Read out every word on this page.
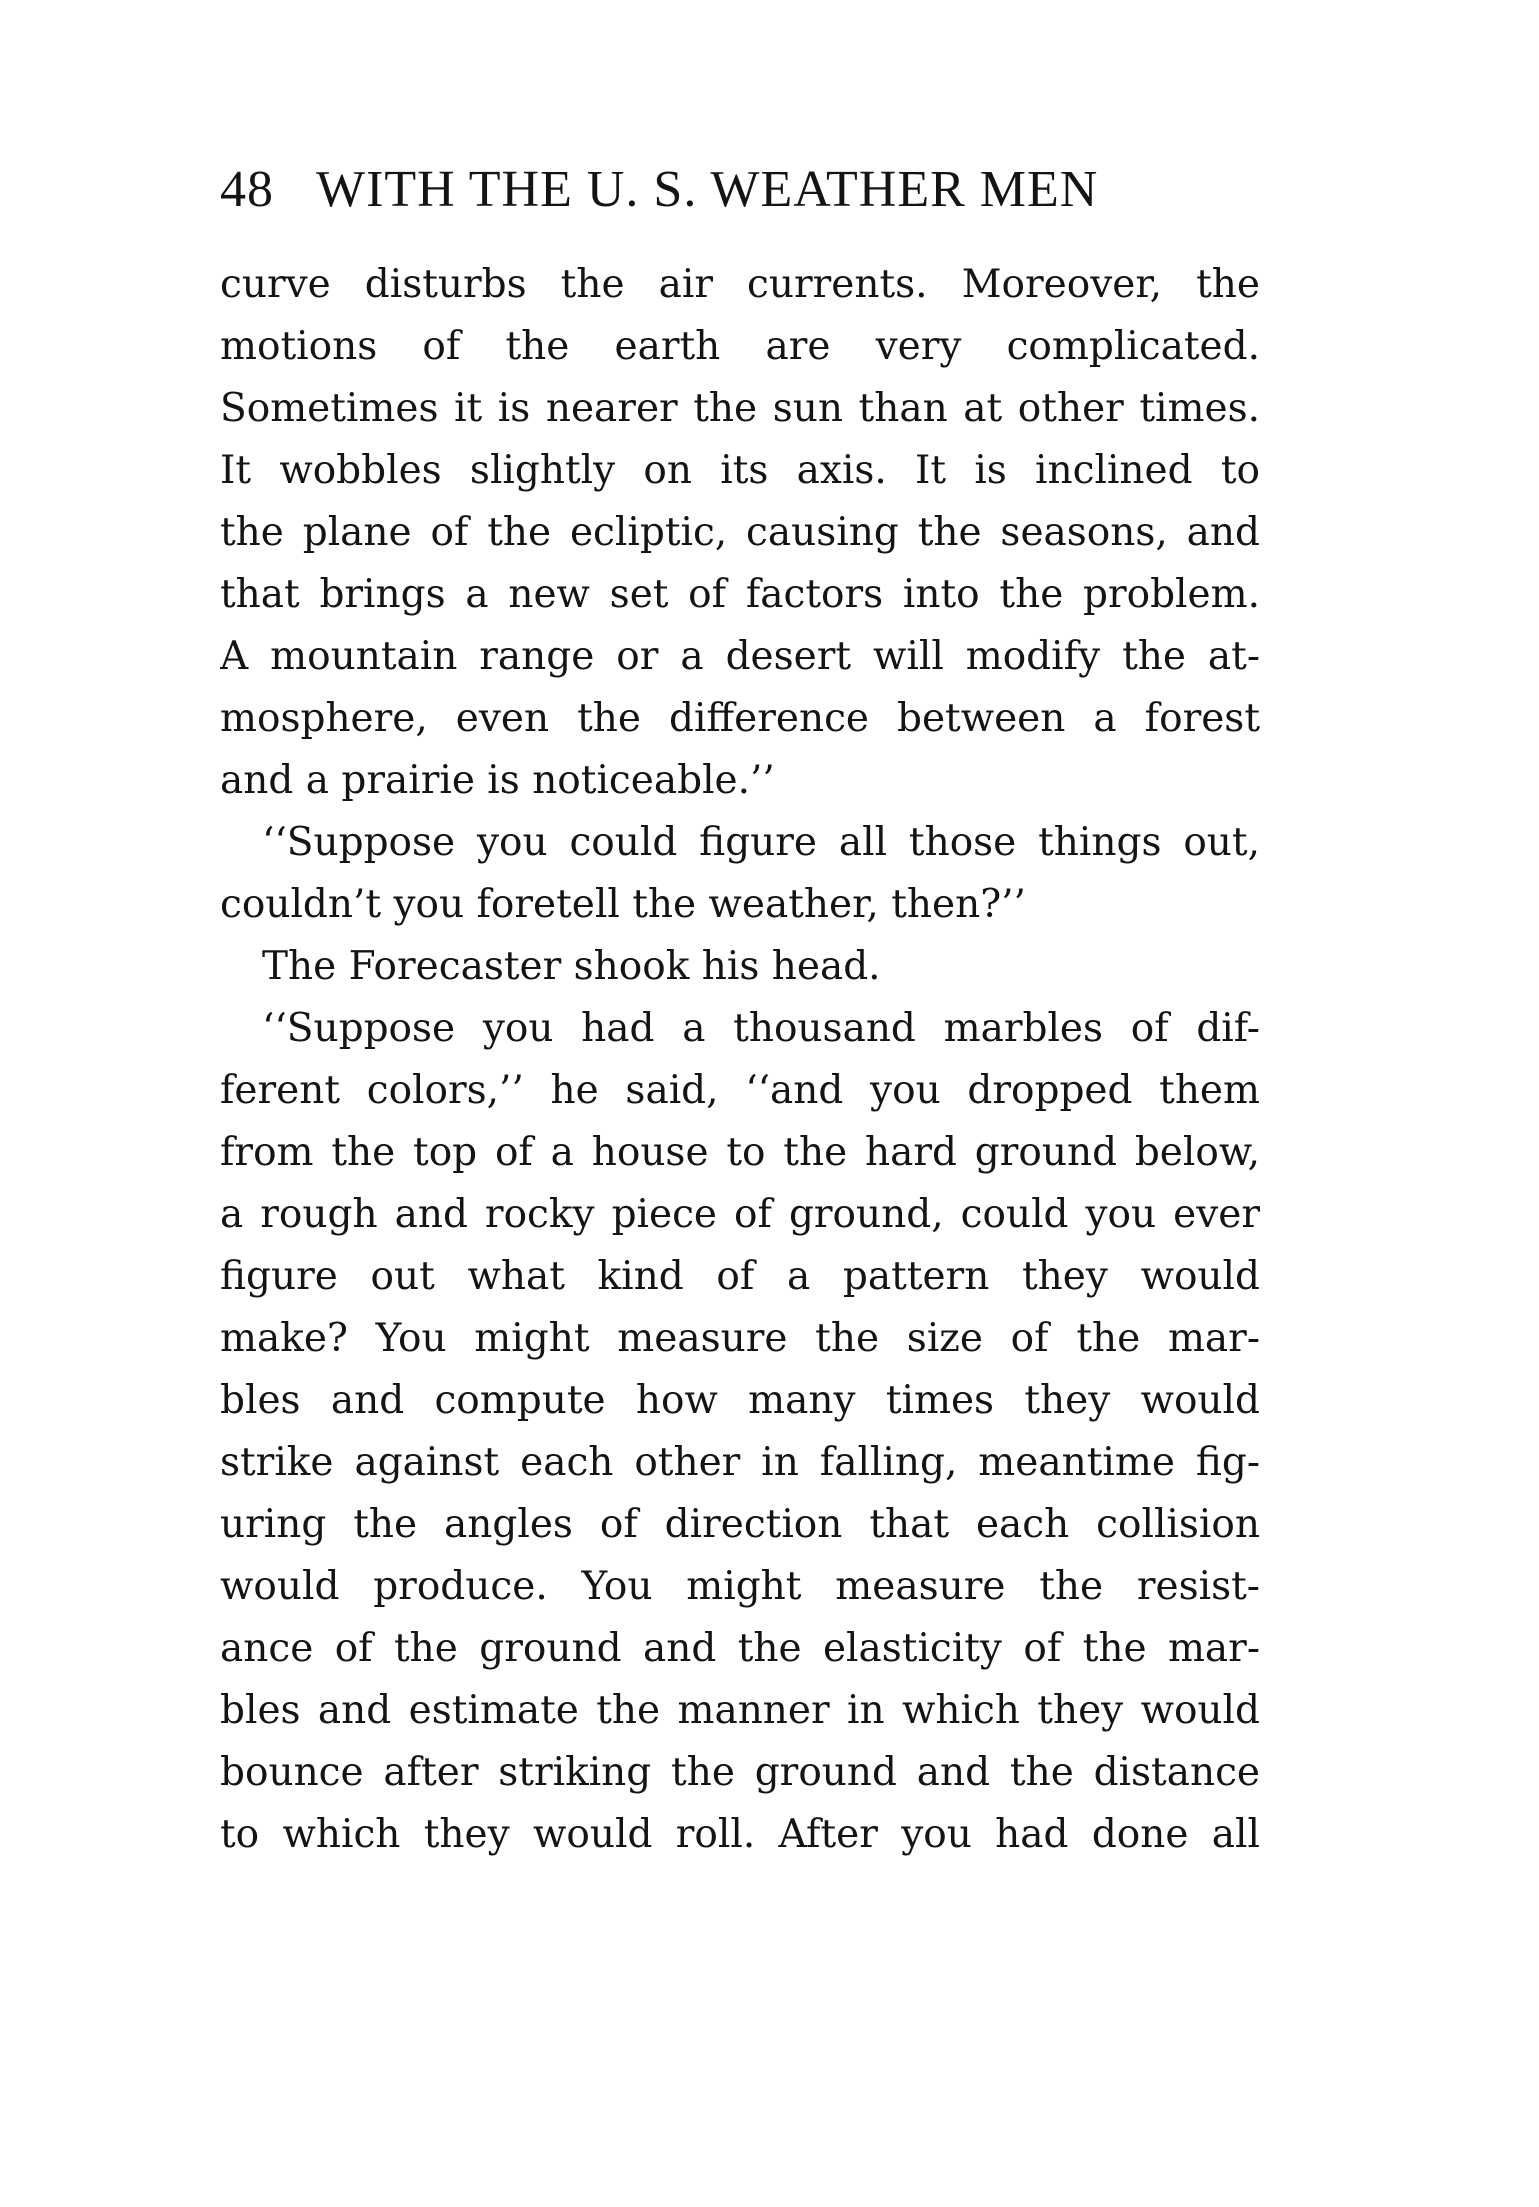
48 WITH THE U. S. WEATHER MEN
curve disturbs the air currents. Moreover, the
motions of the earth are very complicated.
Sometimes it is nearer the sun than at other times.
It wobbles slightly on its axis. It is inclined to
the plane of the ecliptic, causing the seasons, and
that brings a new set of factors into the problem.
A mountain range or a desert will modify the at-
mosphere, even the difference between a forest
and a prairie is noticeable.’’
‘‘Suppose you could figure all those things out,
couldn’t you foretell the weather, then?’’
The Forecaster shook his head.
‘‘Suppose you had a thousand marbles of dif-
ferent colors,’’ he said, ‘‘and you dropped them
from the top of a house to the hard ground below,
a rough and rocky piece of ground, could you ever
figure out what kind of a pattern they would
make? You might measure the size of the mar-
bles and compute how many times they would
strike against each other in falling, meantime fig-
uring the angles of direction that each collision
would produce. You might measure the resist-
ance of the ground and the elasticity of the mar-
bles and estimate the manner in which they would
bounce after striking the ground and the distance
to which they would roll. After you had done all
